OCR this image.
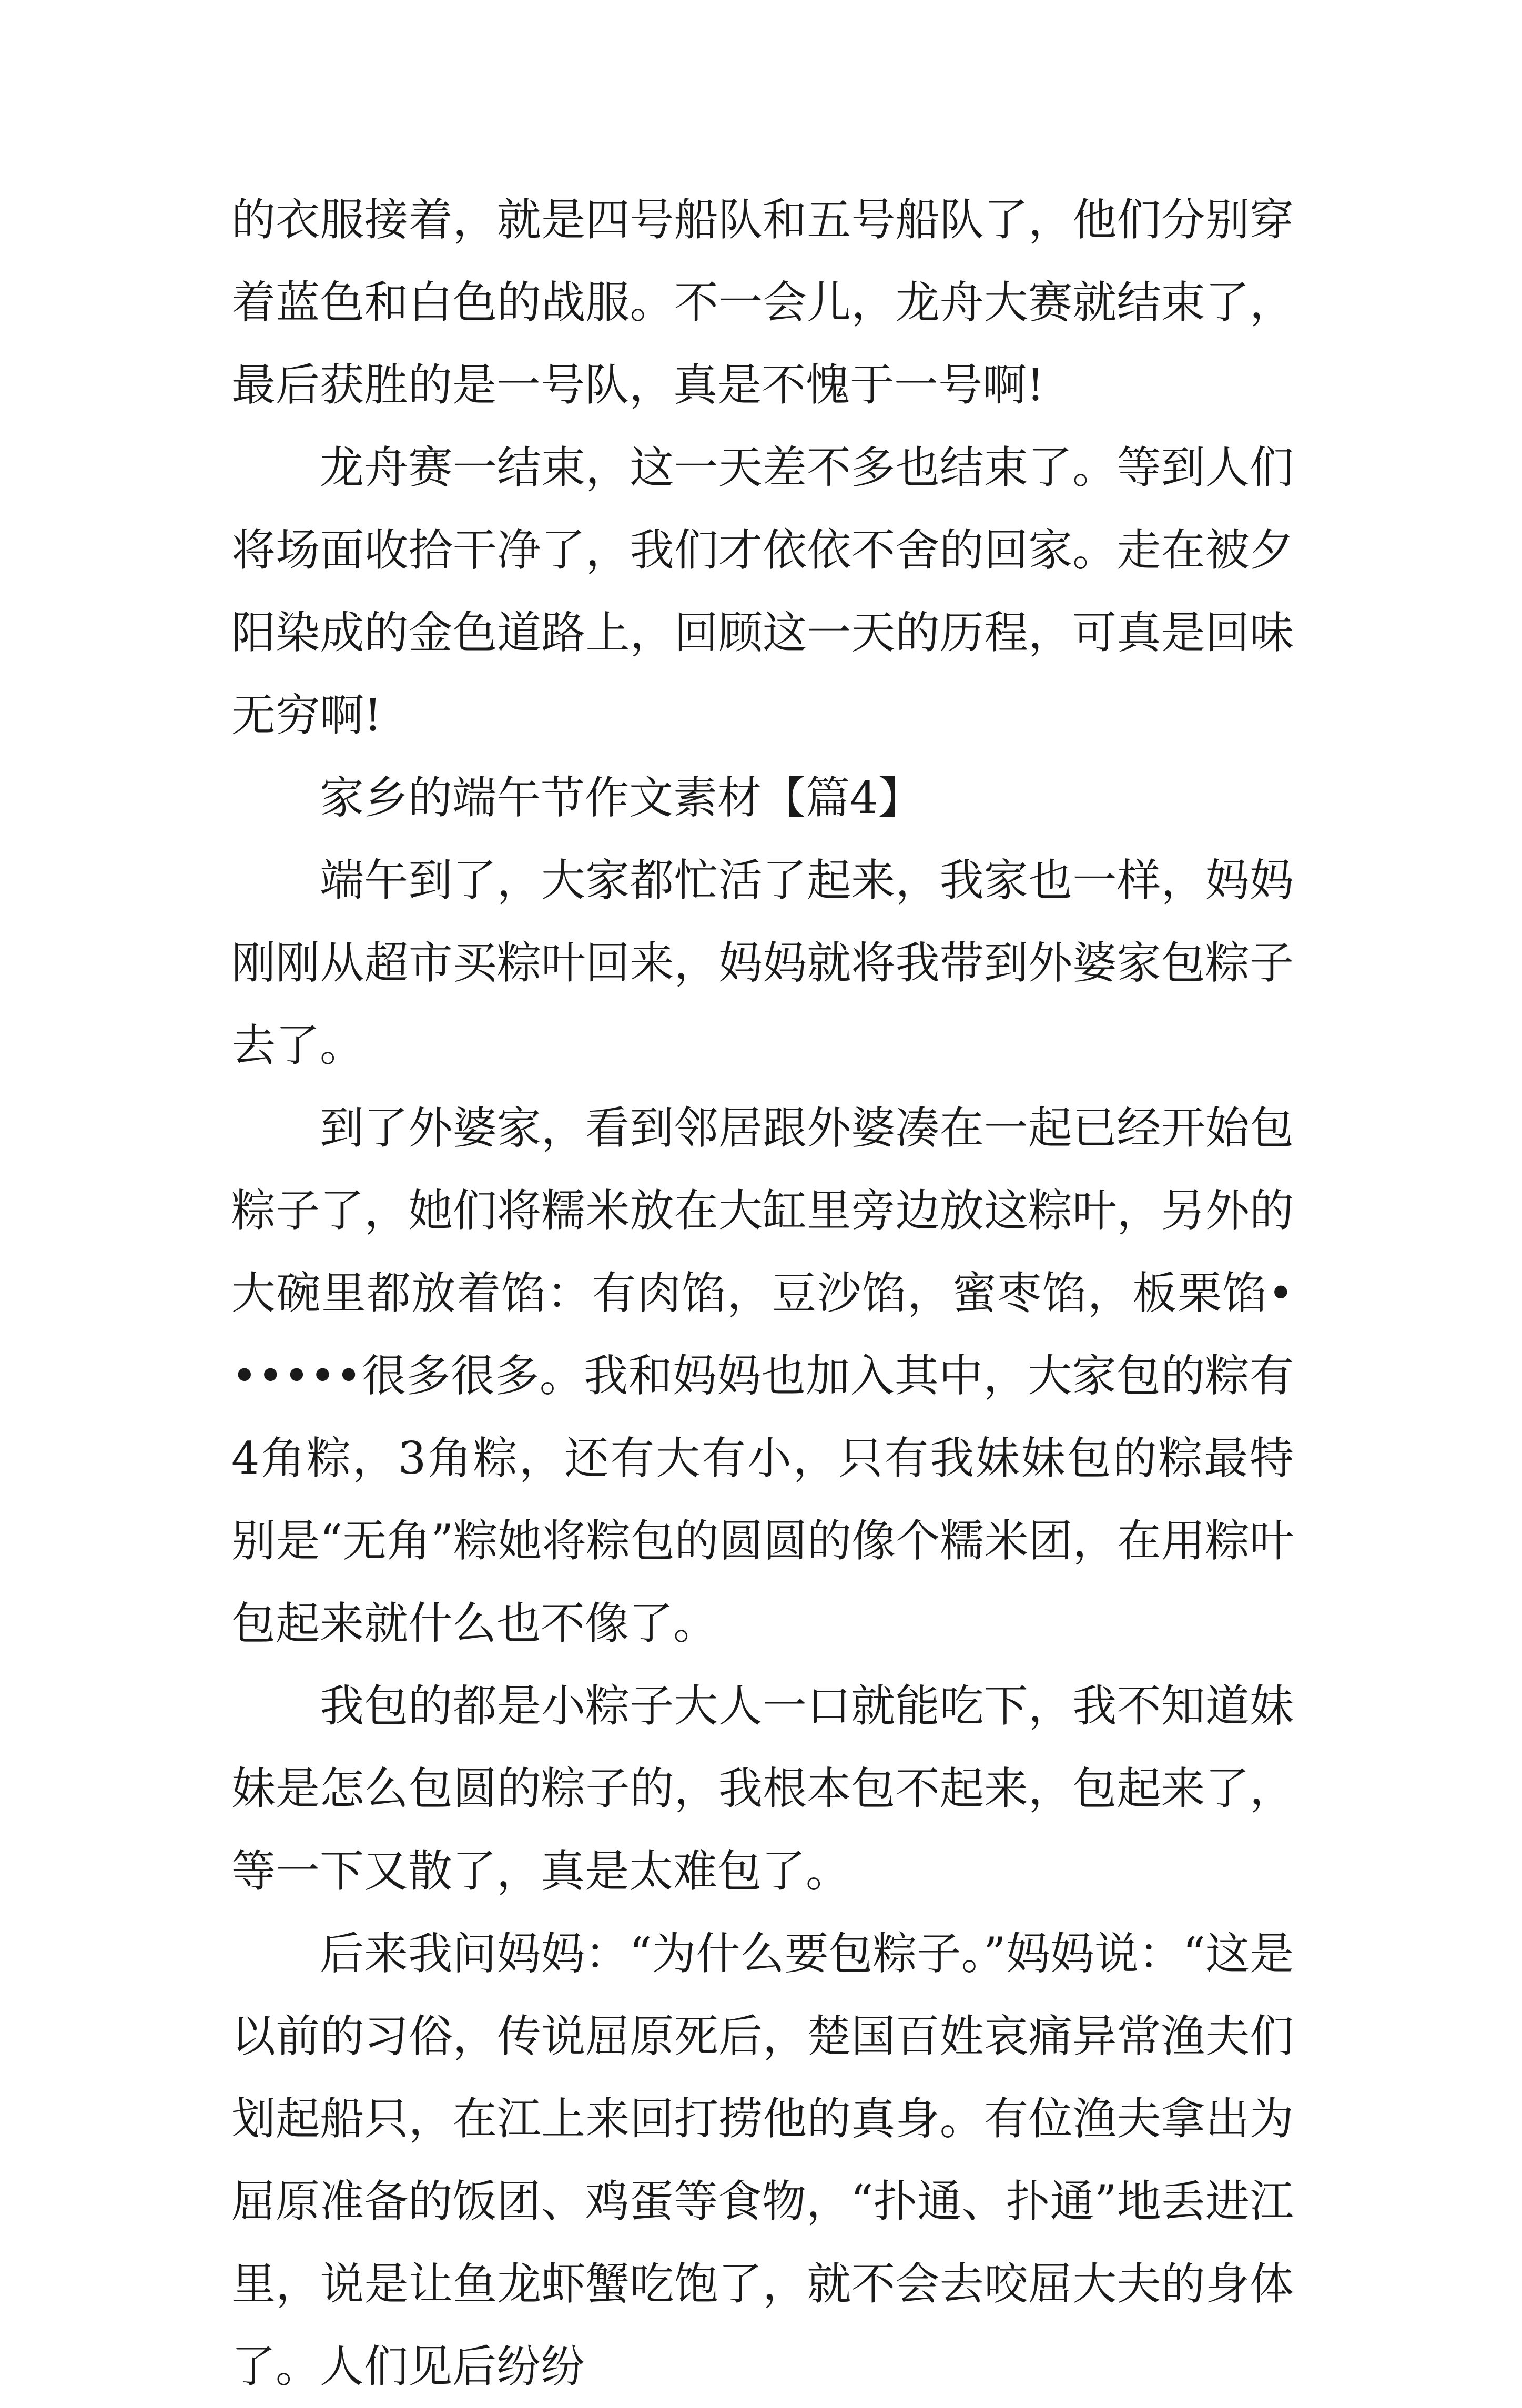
的衣服接着，就是四号船队和五号船队了，他们分别穿着蓝色和白色的战服。不一会儿，龙舟大赛就结束了，最后获胜的是一号队，真是不愧于一号啊!

龙舟赛一结束，这一天差不多也结束了。等到人们将场面收拾干净了，我们才依依不舍的回家。走在被夕阳染成的金色道路上，回顾这一天的历程，可真是回味无穷啊!

家乡的端午节作文素材【篇4】

端午到了，大家都忙活了起来，我家也一样，妈妈刚刚从超市买粽叶回来，妈妈就将我带到外婆家包粽子去了。

到了外婆家，看到邻居跟外婆凑在一起已经开始包粽子了，她们将糯米放在大缸里旁边放这粽叶，另外的大碗里都放着馅：有肉馅，豆沙馅，蜜枣馅，板栗馅••••••很多很多。我和妈妈也加入其中，大家包的粽有4角粽，3角粽，还有大有小，只有我妹妹包的粽最特别是“无角”粽她将粽包的圆圆的像个糯米团，在用粽叶包起来就什么也不像了。

我包的都是小粽子大人一口就能吃下，我不知道妹妹是怎么包圆的粽子的，我根本包不起来，包起来了，等一下又散了，真是太难包了。

后来我问妈妈：“为什么要包粽子。”妈妈说：“这是以前的习俗，传说屈原死后，楚国百姓哀痛异常渔夫们划起船只，在江上来回打捞他的真身。有位渔夫拿出为屈原准备的饭团、鸡蛋等食物，“扑通、扑通”地丢进江里，说是让鱼龙虾蟹吃饱了，就不会去咬屈大夫的身体了。人们见后纷纷
